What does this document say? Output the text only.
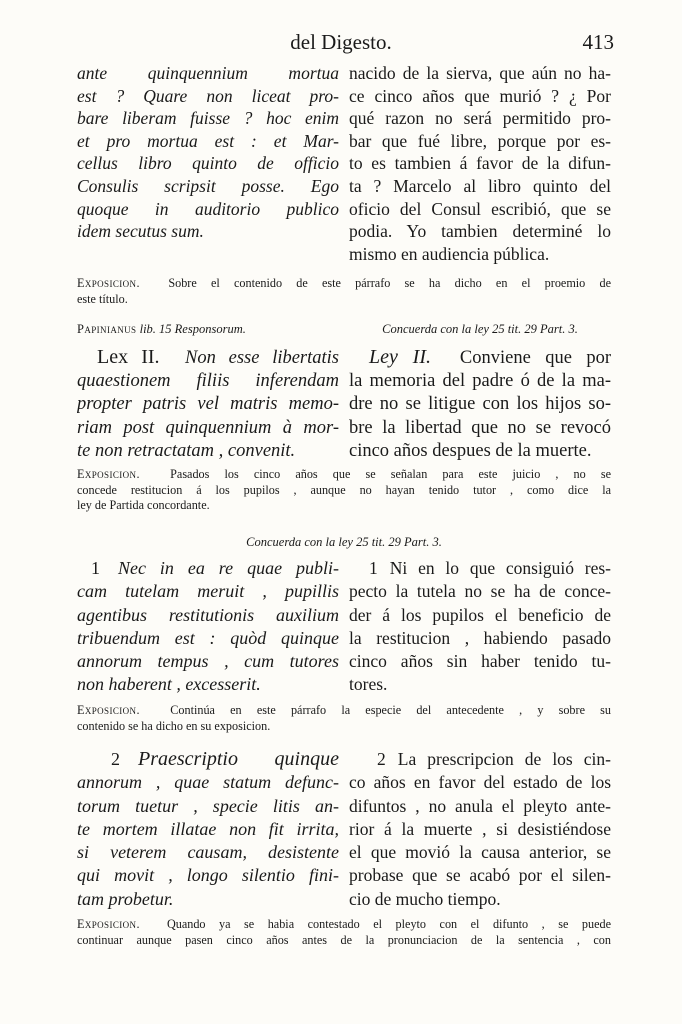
del Digesto.	413
ante quinquennium mortua
est ? Quare non liceat pro-
bare liberam fuisse ? hoc enim
et pro mortua est : et Mar-
cellus libro quinto de officio
Consulis scripsit posse. Ego
quoque in auditorio publico
idem secutus sum.
nacido de la sierva, que aún no ha-
ce cinco años que murió ? ¿ Por
qué razon no será permitido pro-
bar que fué libre, porque por es-
to es tambien á favor de la difun-
ta ? Marcelo al libro quinto del
oficio del Consul escribió, que se
podia. Yo tambien determiné lo
mismo en audiencia pública.
Exposicion. Sobre el contenido de este párrafo se ha dicho en el proemio de
este título.
Papinianus lib. 15 Responsorum.	Concuerda con la ley 25 tit. 29 Part. 3.
Lex II. Non esse libertatis
quaestionem filiis inferendam
propter patris vel matris memo-
riam post quinquennium à mor-
te non retractatam , convenit.
Ley II. Conviene que por
la memoria del padre ó de la ma-
dre no se litigue con los hijos so-
bre la libertad que no se revocó
cinco años despues de la muerte.
Exposicion. Pasados los cinco años que se señalan para este juicio , no se
concede restitucion á los pupilos , aunque no hayan tenido tutor , como dice la
ley de Partida concordante.
Concuerda con la ley 25 tit. 29 Part. 3.
1 Nec in ea re quae publi-
cam tutelam meruit , pupillis
agentibus restitutionis auxilium
tribuendum est : quòd quinque
annorum tempus , cum tutores
non haberent , excesserit.
1 Ni en lo que consiguió res-
pecto la tutela no se ha de conce-
der á los pupilos el beneficio de
la restitucion , habiendo pasado
cinco años sin haber tenido tu-
tores.
Exposicion. Continúa en este párrafo la especie del antecedente , y sobre su
contenido se ha dicho en su exposicion.
2 Praescriptio quinque
annorum , quae statum defunc-
torum tuetur , specie litis an-
te mortem illatae non fit irrita,
si veterem causam, desistente
qui movit , longo silentio fini-
tam probetur.
2 La prescripcion de los cin-
co años en favor del estado de los
difuntos , no anula el pleyto ante-
rior á la muerte , si desistiéndose
el que movió la causa anterior, se
probase que se acabó por el silen-
cio de mucho tiempo.
Exposicion. Quando ya se habia contestado el pleyto con el difunto , se puede
continuar aunque pasen cinco años antes de la pronunciacion de la sentencia , con
